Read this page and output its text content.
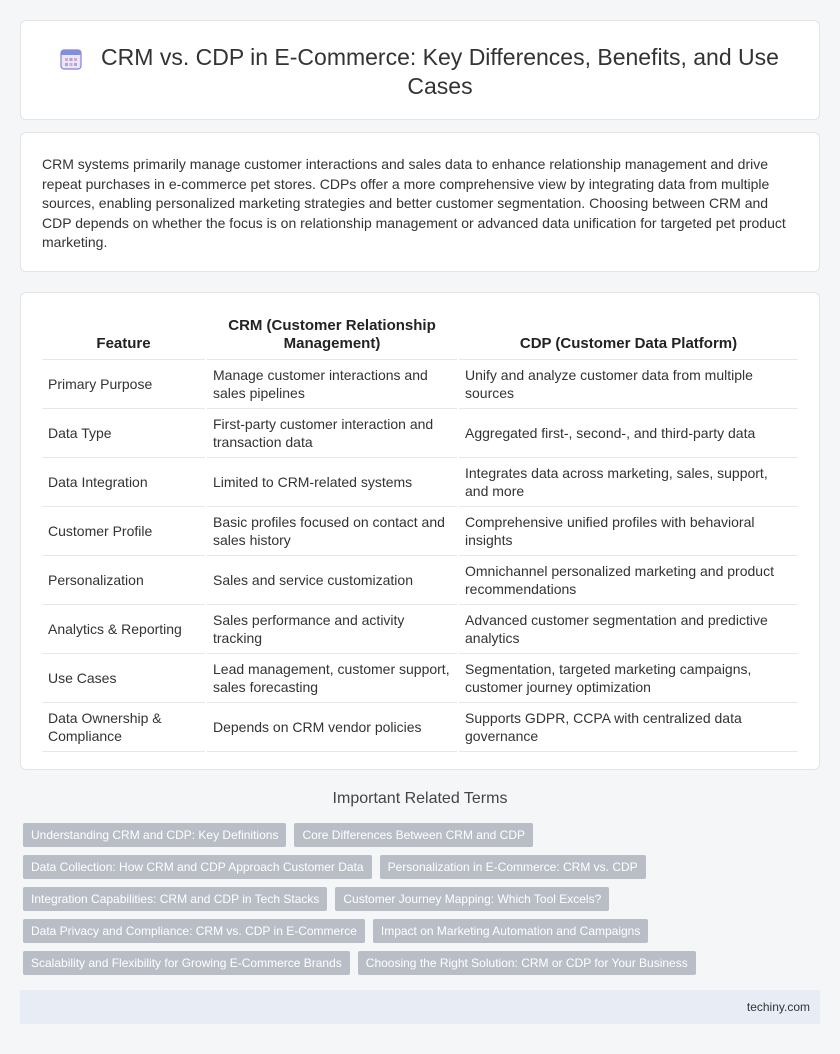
CRM vs. CDP in E-Commerce: Key Differences, Benefits, and Use Cases

CRM systems primarily manage customer interactions and sales data to enhance relationship management and drive repeat purchases in e-commerce pet stores. CDPs offer a more comprehensive view by integrating data from multiple sources, enabling personalized marketing strategies and better customer segmentation. Choosing between CRM and CDP depends on whether the focus is on relationship management or advanced data unification for targeted pet product marketing.

Feature	CRM (Customer Relationship Management)	CDP (Customer Data Platform)
Primary Purpose	Manage customer interactions and sales pipelines	Unify and analyze customer data from multiple sources
Data Type	First-party customer interaction and transaction data	Aggregated first-, second-, and third-party data
Data Integration	Limited to CRM-related systems	Integrates data across marketing, sales, support, and more
Customer Profile	Basic profiles focused on contact and sales history	Comprehensive unified profiles with behavioral insights
Personalization	Sales and service customization	Omnichannel personalized marketing and product recommendations
Analytics & Reporting	Sales performance and activity tracking	Advanced customer segmentation and predictive analytics
Use Cases	Lead management, customer support, sales forecasting	Segmentation, targeted marketing campaigns, customer journey optimization
Data Ownership & Compliance	Depends on CRM vendor policies	Supports GDPR, CCPA with centralized data governance
Important Related Terms
Understanding CRM and CDP: Key Definitions	Core Differences Between CRM and CDP
Data Collection: How CRM and CDP Approach Customer Data	Personalization in E-Commerce: CRM vs. CDP
Integration Capabilities: CRM and CDP in Tech Stacks	Customer Journey Mapping: Which Tool Excels?
Data Privacy and Compliance: CRM vs. CDP in E-Commerce	Impact on Marketing Automation and Campaigns
Scalability and Flexibility for Growing E-Commerce Brands	Choosing the Right Solution: CRM or CDP for Your Business
techiny.com
